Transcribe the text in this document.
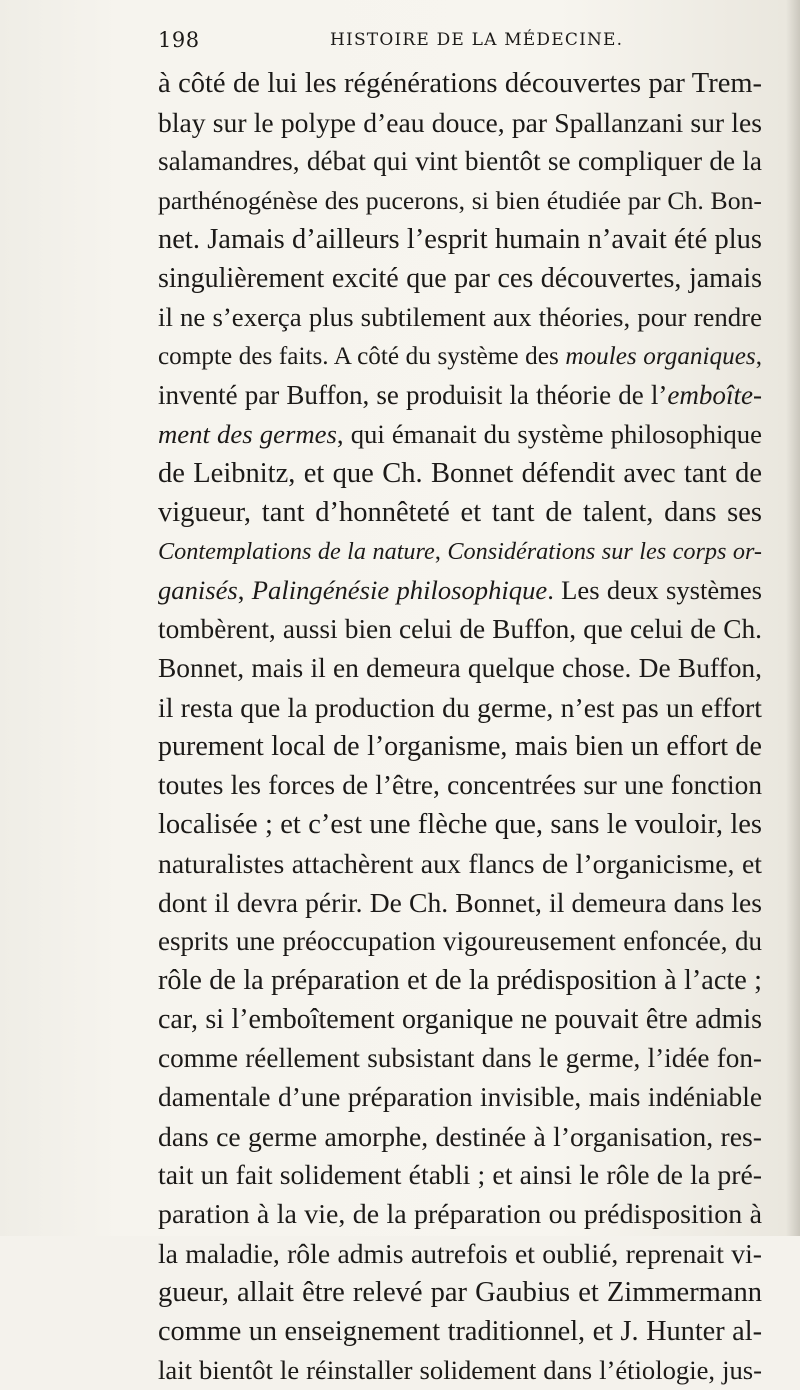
198	HISTOIRE DE LA MÉDECINE.
à côté de lui les régénérations découvertes par Trem-
blay sur le polype d’eau douce, par Spallanzani sur les
salamandres, débat qui vint bientôt se compliquer de la
parthénogénèse des pucerons, si bien étudiée par Ch. Bon-
net. Jamais d’ailleurs l’esprit humain n’avait été plus
singulièrement excité que par ces découvertes, jamais
il ne s’exerça plus subtilement aux théories, pour rendre
compte des faits. A côté du système des moules organiques,
inventé par Buffon, se produisit la théorie de l’emboîte-
ment des germes, qui émanait du système philosophique
de Leibnitz, et que Ch. Bonnet défendit avec tant de
vigueur, tant d’honnêteté et tant de talent, dans ses
Contemplations de la nature, Considérations sur les corps or-
ganisés, Palingénésie philosophique. Les deux systèmes
tombèrent, aussi bien celui de Buffon, que celui de Ch.
Bonnet, mais il en demeura quelque chose. De Buffon,
il resta que la production du germe, n’est pas un effort
purement local de l’organisme, mais bien un effort de
toutes les forces de l’être, concentrées sur une fonction
localisée ; et c’est une flèche que, sans le vouloir, les
naturalistes attachèrent aux flancs de l’organicisme, et
dont il devra périr. De Ch. Bonnet, il demeura dans les
esprits une préoccupation vigoureusement enfoncée, du
rôle de la préparation et de la prédisposition à l’acte ;
car, si l’emboîtement organique ne pouvait être admis
comme réellement subsistant dans le germe, l’idée fon-
damentale d’une préparation invisible, mais indéniable
dans ce germe amorphe, destinée à l’organisation, res-
tait un fait solidement établi ; et ainsi le rôle de la pré-
paration à la vie, de la préparation ou prédisposition à
la maladie, rôle admis autrefois et oublié, reprenait vi-
gueur, allait être relevé par Gaubius et Zimmermann
comme un enseignement traditionnel, et J. Hunter al-
lait bientôt le réinstaller solidement dans l’étiologie, jus-
